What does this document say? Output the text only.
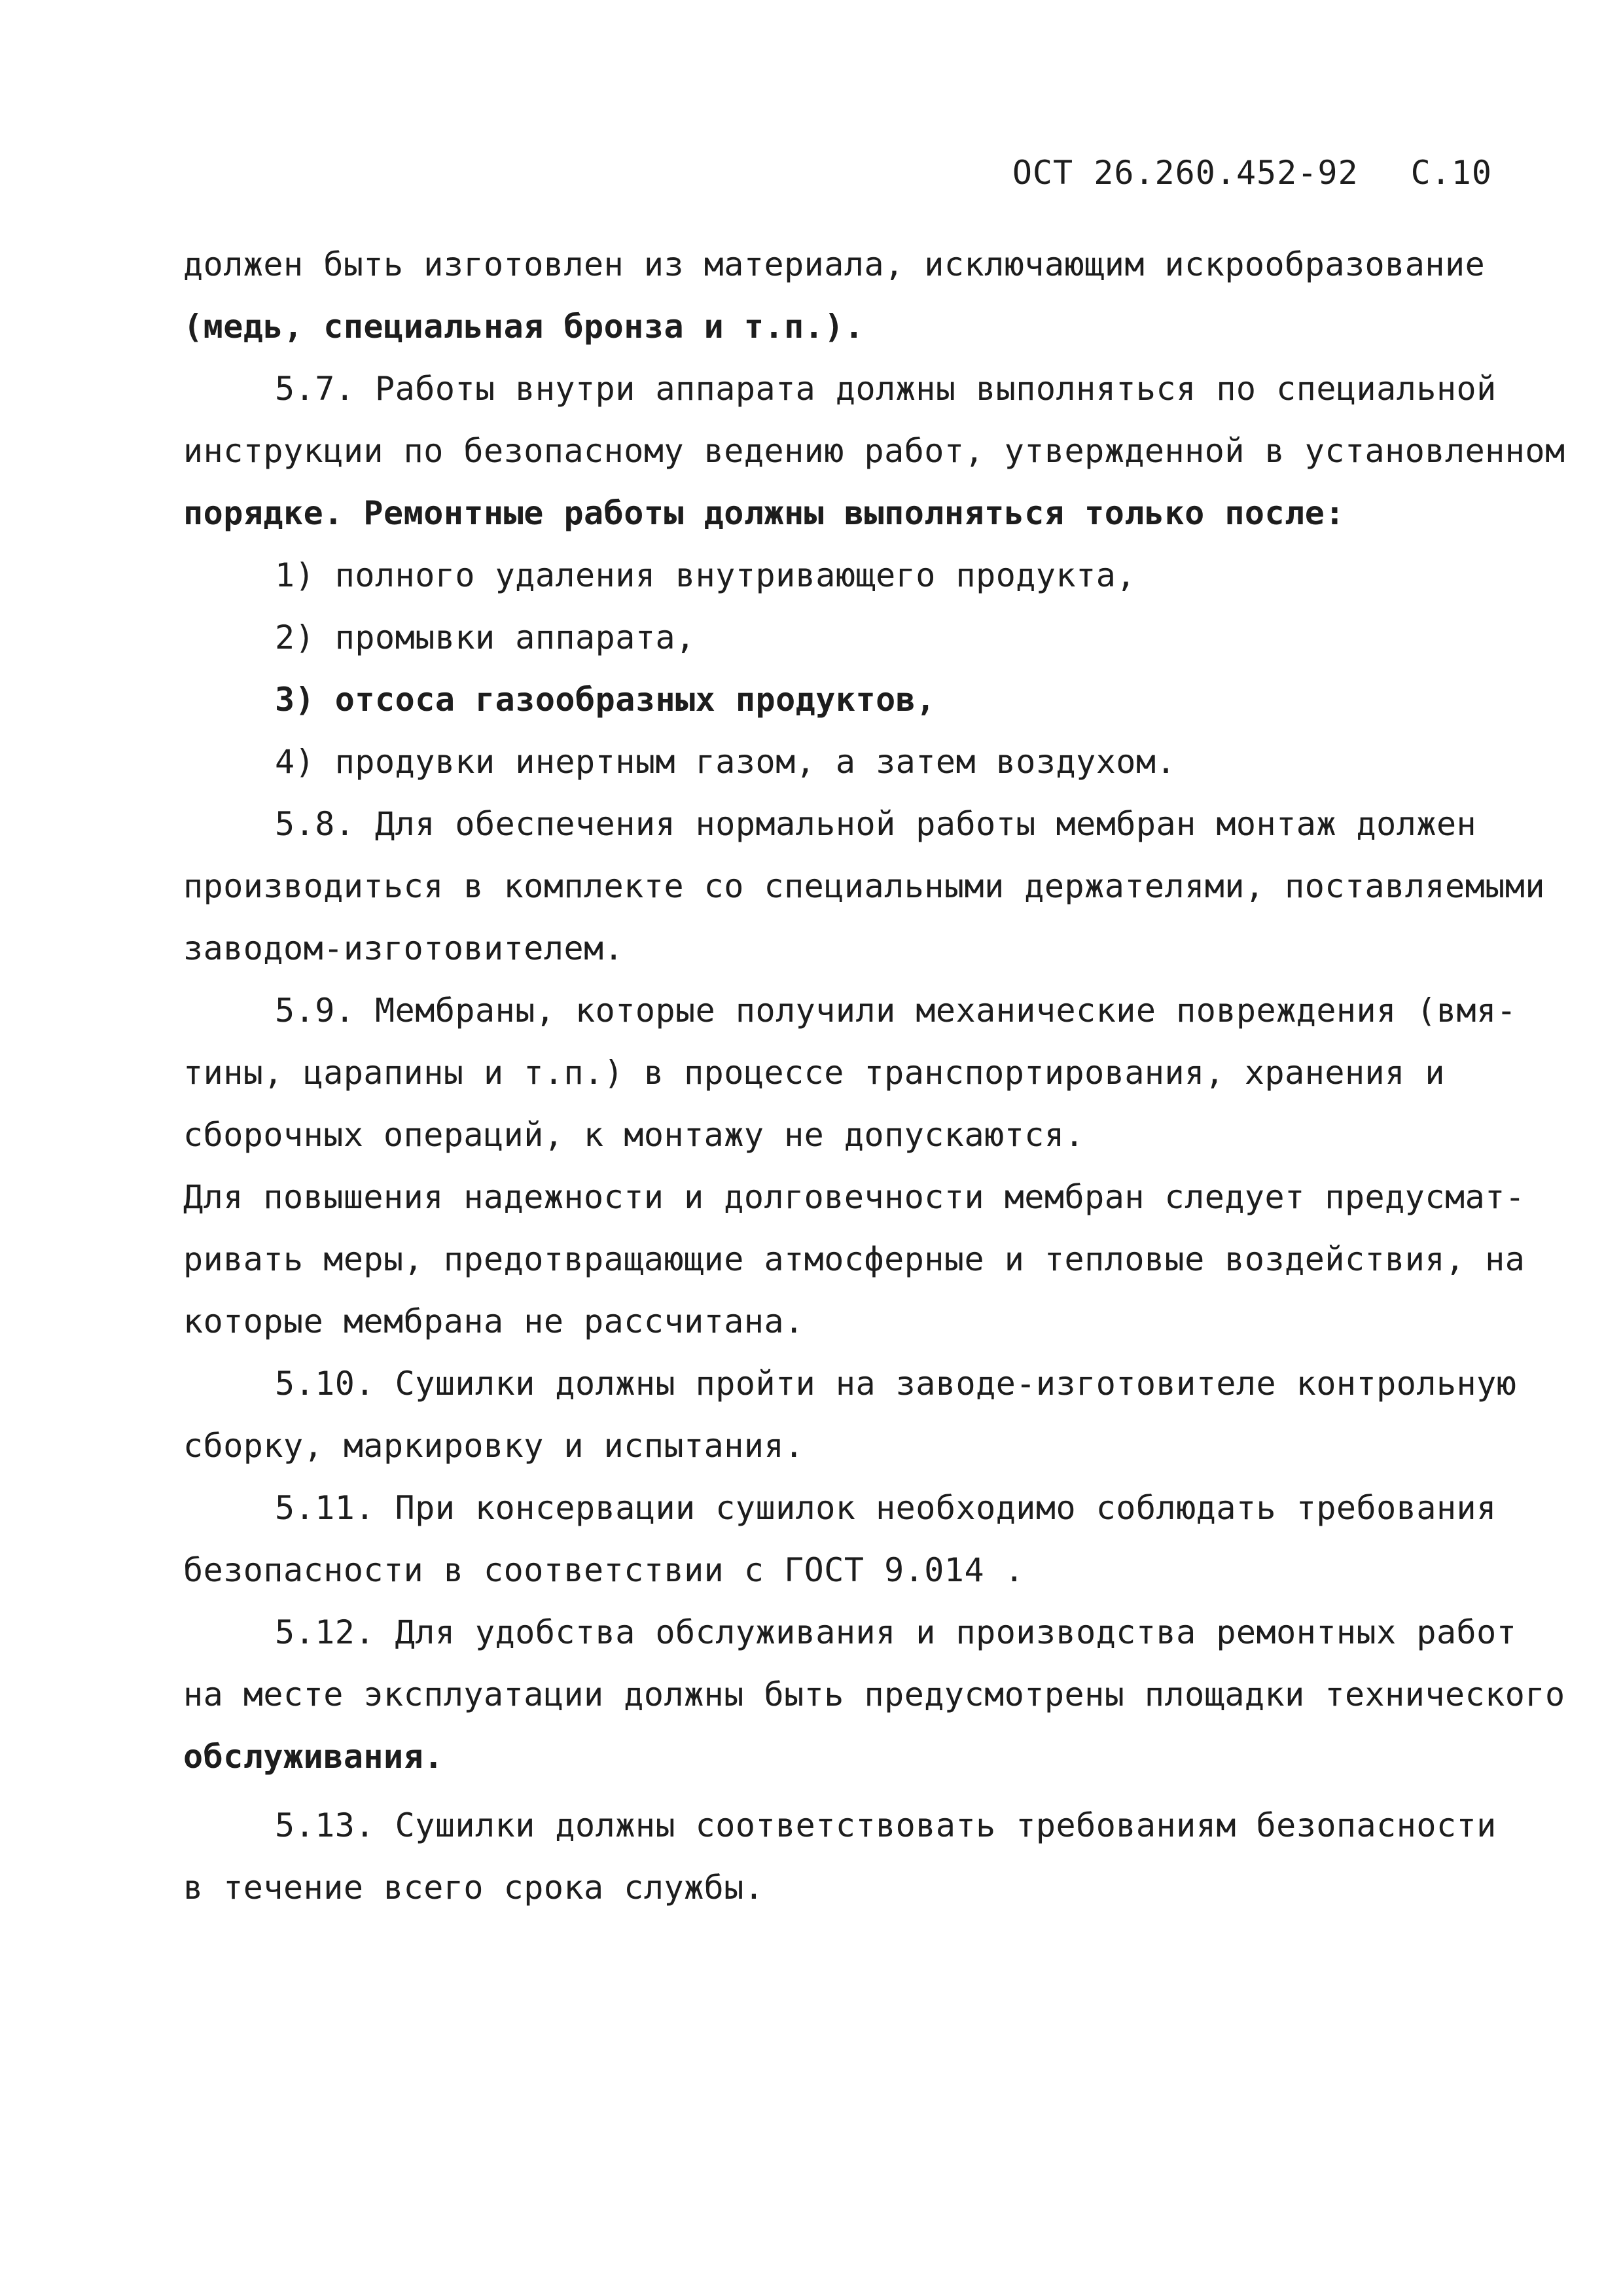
ОСТ 26.260.452-92 С.10
должен быть изготовлен из материала, исключающим искрообразование
(медь, специальная бронза и т.п.).
5.7. Работы внутри аппарата должны выполняться по специальной
инструкции по безопасному ведению работ, утвержденной в установленном
порядке. Ремонтные работы должны выполняться только после:
1) полного удаления внутривающего продукта,
2) промывки аппарата,
3) отсоса газообразных продуктов,
4) продувки инертным газом, а затем воздухом.
5.8. Для обеспечения нормальной работы мембран монтаж должен
производиться в комплекте со специальными держателями, поставляемыми
заводом-изготовителем.
5.9. Мембраны, которые получили механические повреждения (вмя-
тины, царапины и т.п.) в процессе транспортирования, хранения и
сборочных операций, к монтажу не допускаются.
Для повышения надежности и долговечности мембран следует предусмат-
ривать меры, предотвращающие атмосферные и тепловые воздействия, на
которые мембрана не рассчитана.
5.10. Сушилки должны пройти на заводе-изготовителе контрольную
сборку, маркировку и испытания.
5.11. При консервации сушилок необходимо соблюдать требования
безопасности в соответствии с ГОСТ 9.014 .
5.12. Для удобства обслуживания и производства ремонтных работ
на месте эксплуатации должны быть предусмотрены площадки технического
обслуживания.
5.13. Сушилки должны соответствовать требованиям безопасности
в течение всего срока службы.
